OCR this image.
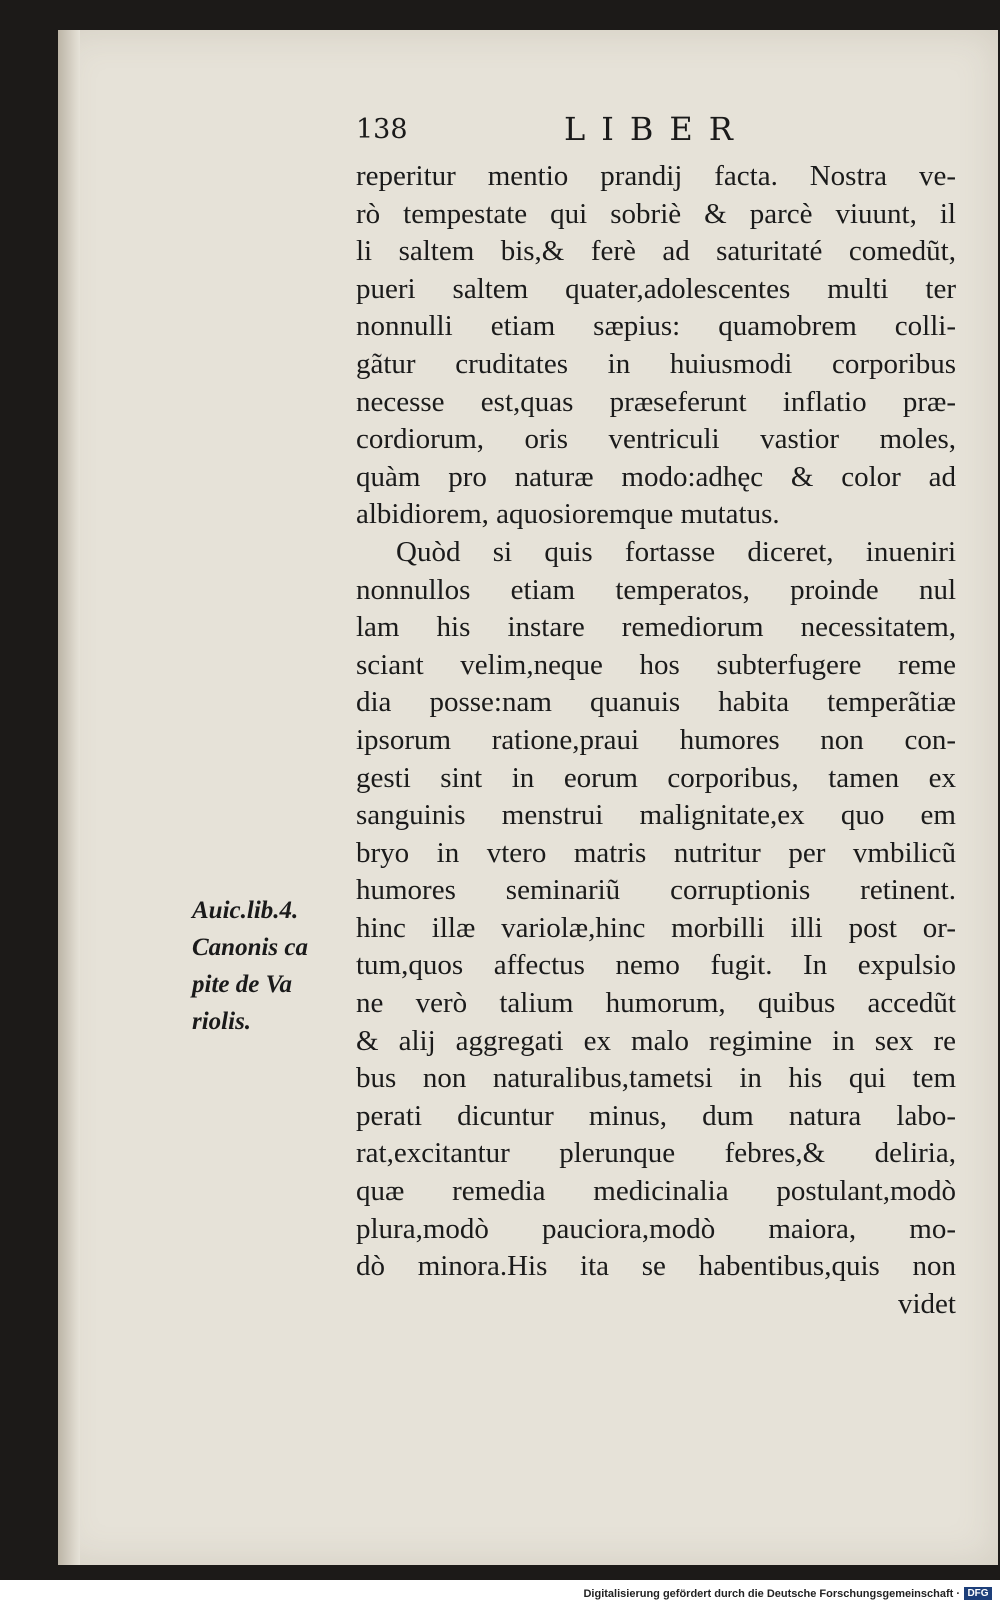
138	LIBER
reperitur mentio prandij facta. Nostra ve-
rò tempestate qui sobriè & parcè viuunt, il
li saltem bis,& ferè ad saturitaté comedũt,
pueri saltem quater,adolescentes multi ter
nonnulli etiam sæpius: quamobrem colli-
gãtur cruditates in huiusmodi corporibus
necesse est,quas præseferunt inflatio præ-
cordiorum, oris ventriculi vastior moles,
quàm pro naturæ modo:adhęc & color ad
albidiorem, aquosioremque mutatus.
Quòd si quis fortasse diceret, inueniri
nonnullos etiam temperatos, proinde nul
lam his instare remediorum necessitatem,
sciant velim,neque hos subterfugere reme
dia posse:nam quanuis habita temperãtiæ
ipsorum ratione,praui humores non con-
gesti sint in eorum corporibus, tamen ex
sanguinis menstrui malignitate,ex quo em
bryo in vtero matris nutritur per vmbilicũ
humores seminariũ corruptionis retinent.
hinc illæ variolæ,hinc morbilli illi post or-
tum,quos affectus nemo fugit. In expulsio
ne verò talium humorum, quibus accedũt
& alij aggregati ex malo regimine in sex re
bus non naturalibus,tametsi in his qui tem
perati dicuntur minus, dum natura labo-
rat,excitantur plerunque febres,& deliria,
quæ remedia medicinalia postulant,modò
plura,modò pauciora,modò maiora, mo-
dò minora.His ita se habentibus,quis non
videt
Auic.lib.4.
Canonis ca
pite de Va
riolis.
Digitalisierung gefördert durch die Deutsche Forschungsgemeinschaft · DFG
